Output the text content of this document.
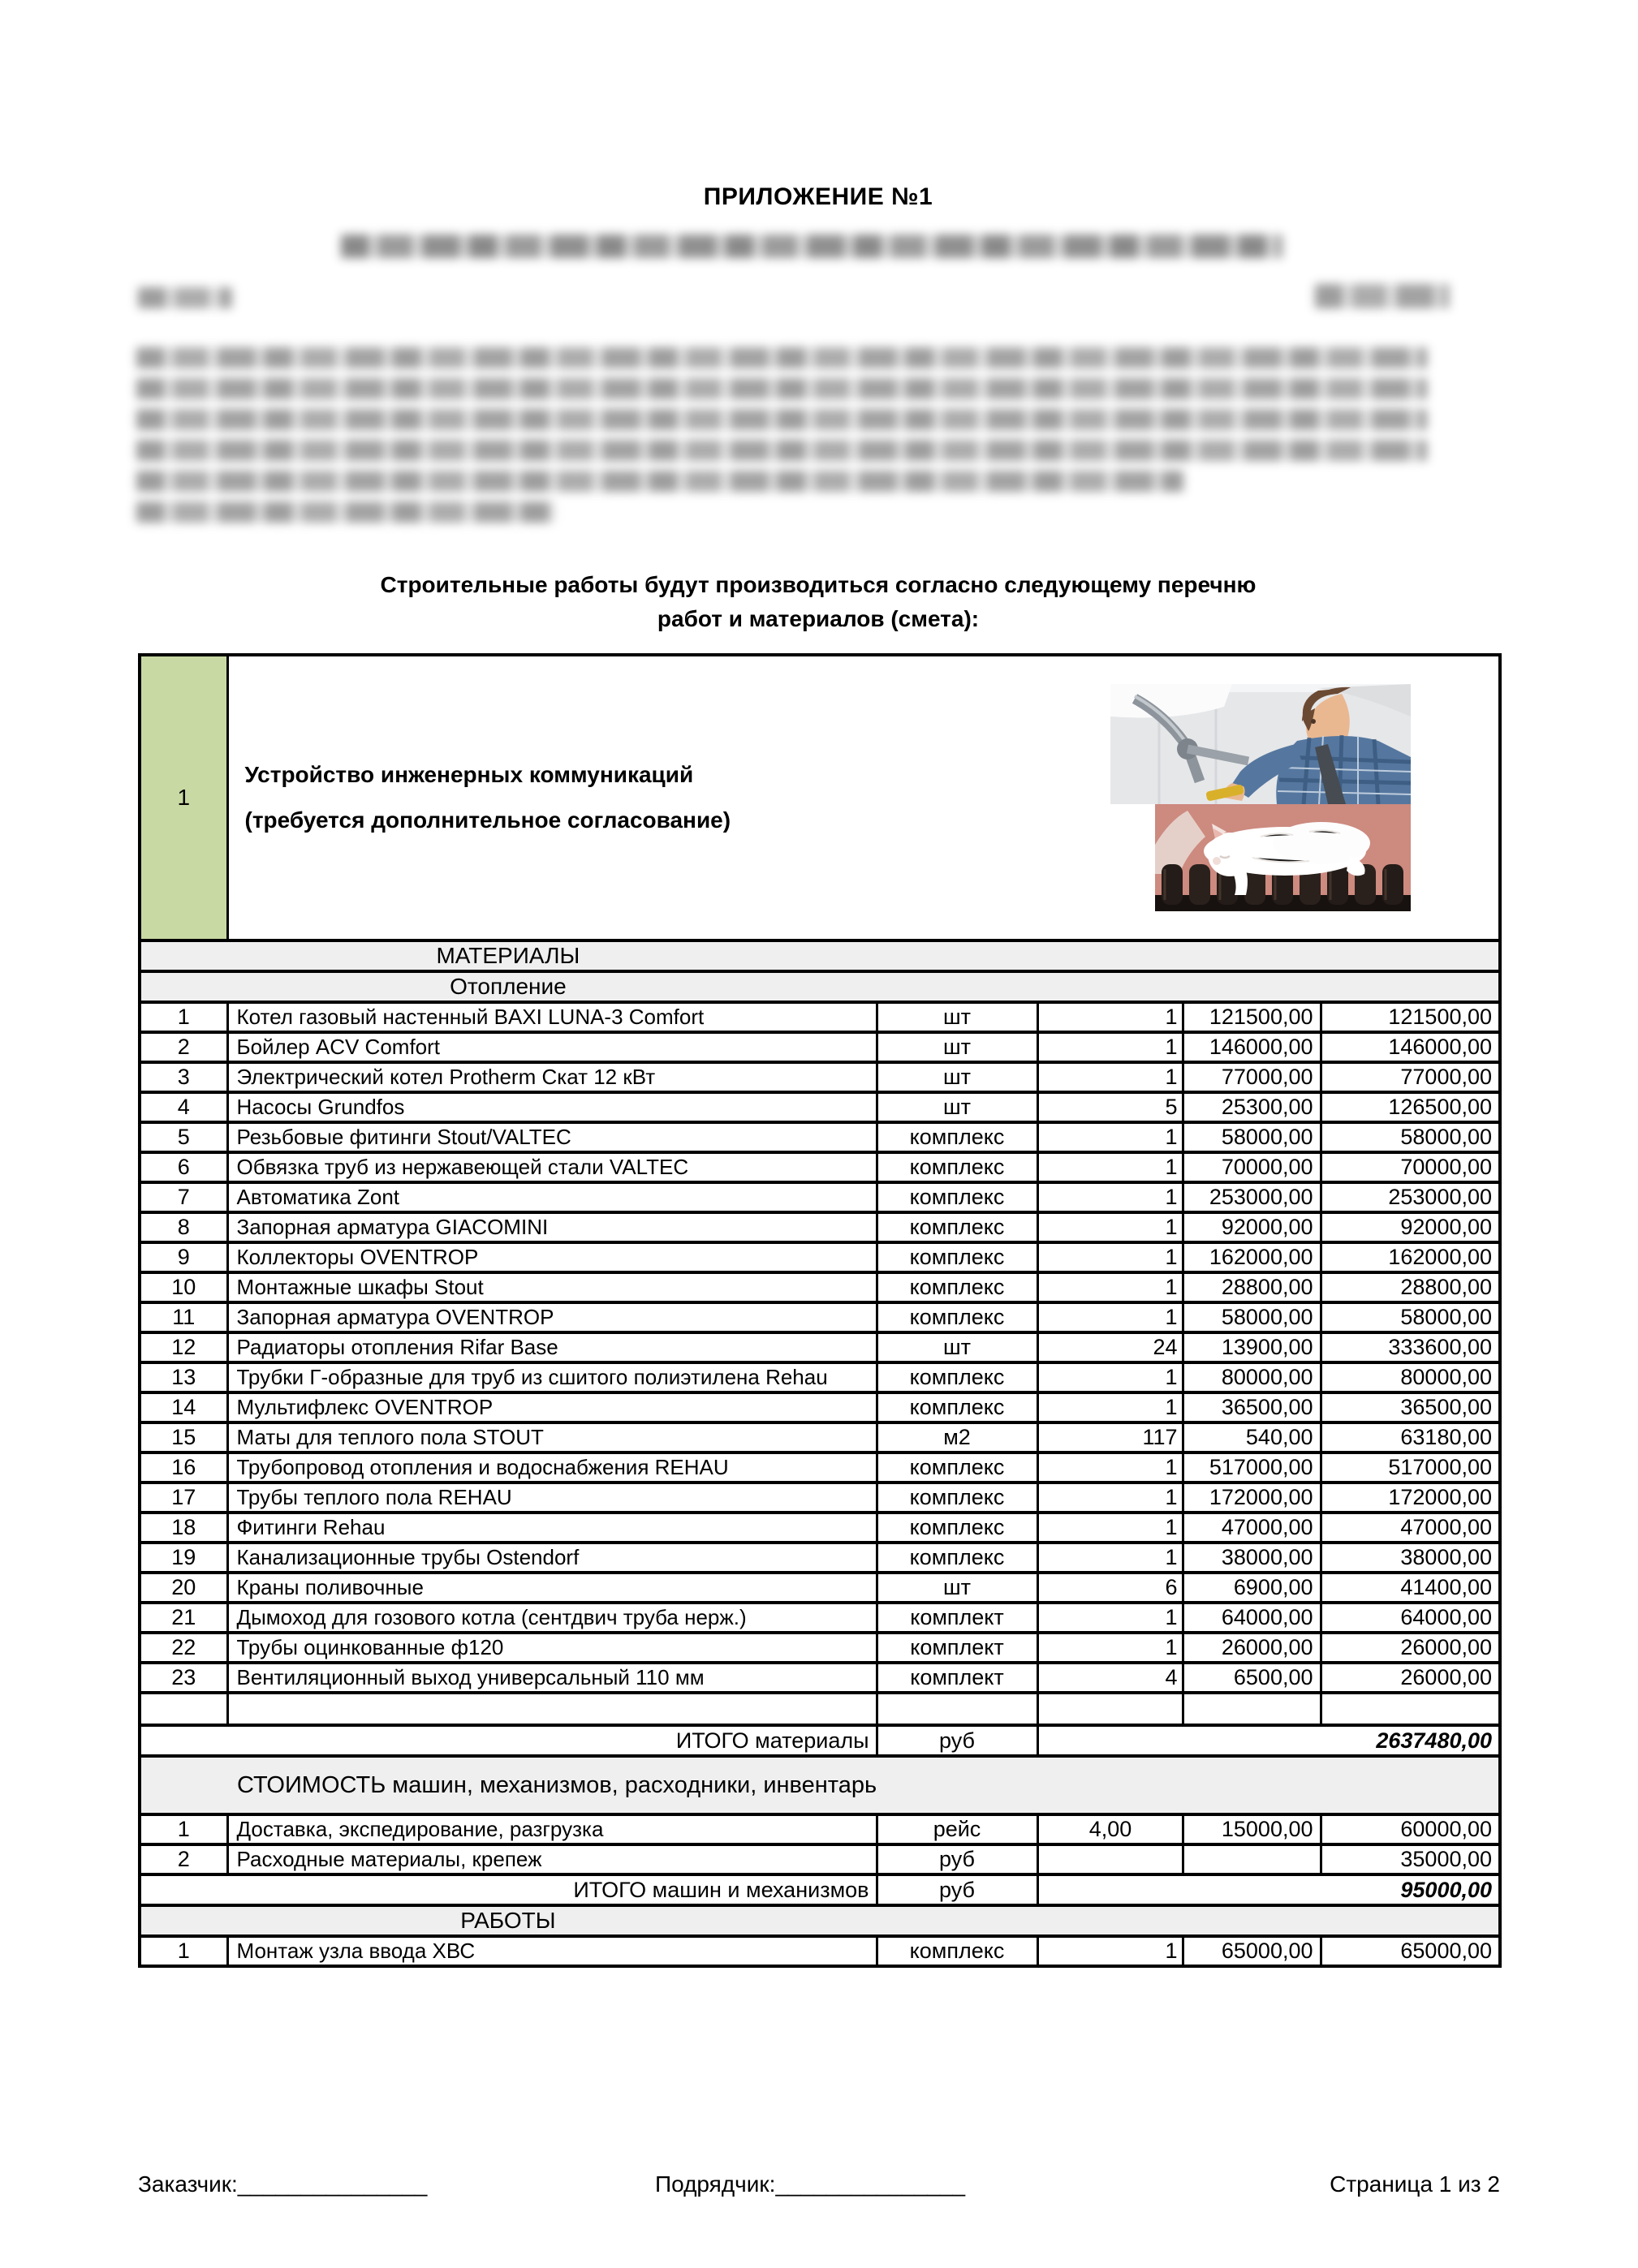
ПРИЛОЖЕНИЕ №1
Строительные работы будут производиться согласно следующему перечню
работ и материалов (смета):
1	Устройство инженерных коммуникаций (требуется дополнительное согласование)				

МАТЕРИАЛЫ					

Отопление					

1	Котел газовый настенный BAXI LUNA-3 Comfort	шт	1	121500,00	121500,00
2	Бойлер ACV Comfort	шт	1	146000,00	146000,00
3	Электрический котел Protherm Скат 12 кВт	шт	1	77000,00	77000,00
4	Насосы Grundfos	шт	5	25300,00	126500,00
5	Резьбовые фитинги Stout/VALTEC	комплекс	1	58000,00	58000,00
6	Обвязка труб из нержавеющей стали VALTEC	комплекс	1	70000,00	70000,00
7	Автоматика Zont	комплекс	1	253000,00	253000,00
8	Запорная арматура GIACOMINI	комплекс	1	92000,00	92000,00
9	Коллекторы OVENTROP	комплекс	1	162000,00	162000,00
10	Монтажные шкафы Stout	комплекс	1	28800,00	28800,00
11	Запорная арматура OVENTROP	комплекс	1	58000,00	58000,00
12	Радиаторы отопления Rifar Base	шт	24	13900,00	333600,00
13	Трубки Г-образные для труб из сшитого полиэтилена Rehau	комплекс	1	80000,00	80000,00
14	Мультифлекс OVENTROP	комплекс	1	36500,00	36500,00
15	Маты для теплого пола STOUT	м2	117	540,00	63180,00
16	Трубопровод отопления и водоснабжения REHAU	комплекс	1	517000,00	517000,00
17	Трубы теплого пола REHAU	комплекс	1	172000,00	172000,00
18	Фитинги Rehau	комплекс	1	47000,00	47000,00
19	Канализационные трубы Ostendorf	комплекс	1	38000,00	38000,00
20	Краны поливочные	шт	6	6900,00	41400,00
21	Дымоход для гозового котла (сентдвич труба нерж.)	комплект	1	64000,00	64000,00
22	Трубы оцинкованные ф120	комплект	1	26000,00	26000,00
23	Вентиляционный выход универсальный 110 мм	комплект	4	6500,00	26000,00

ИТОГО материалы		руб	2637480,00		
СТОИМОСТЬ машин, механизмов, расходники, инвентарь					
1	Доставка, экспедирование, разгрузка	рейс	4,00	15000,00	60000,00
2	Расходные материалы, крепеж	руб			35000,00
ИТОГО машин и механизмов		руб	95000,00		

РАБОТЫ					

1	Монтаж узла ввода ХВС	комплекс	1	65000,00	65000,00
Заказчик:_______________	Подрядчик:_______________	Страница 1 из 2
